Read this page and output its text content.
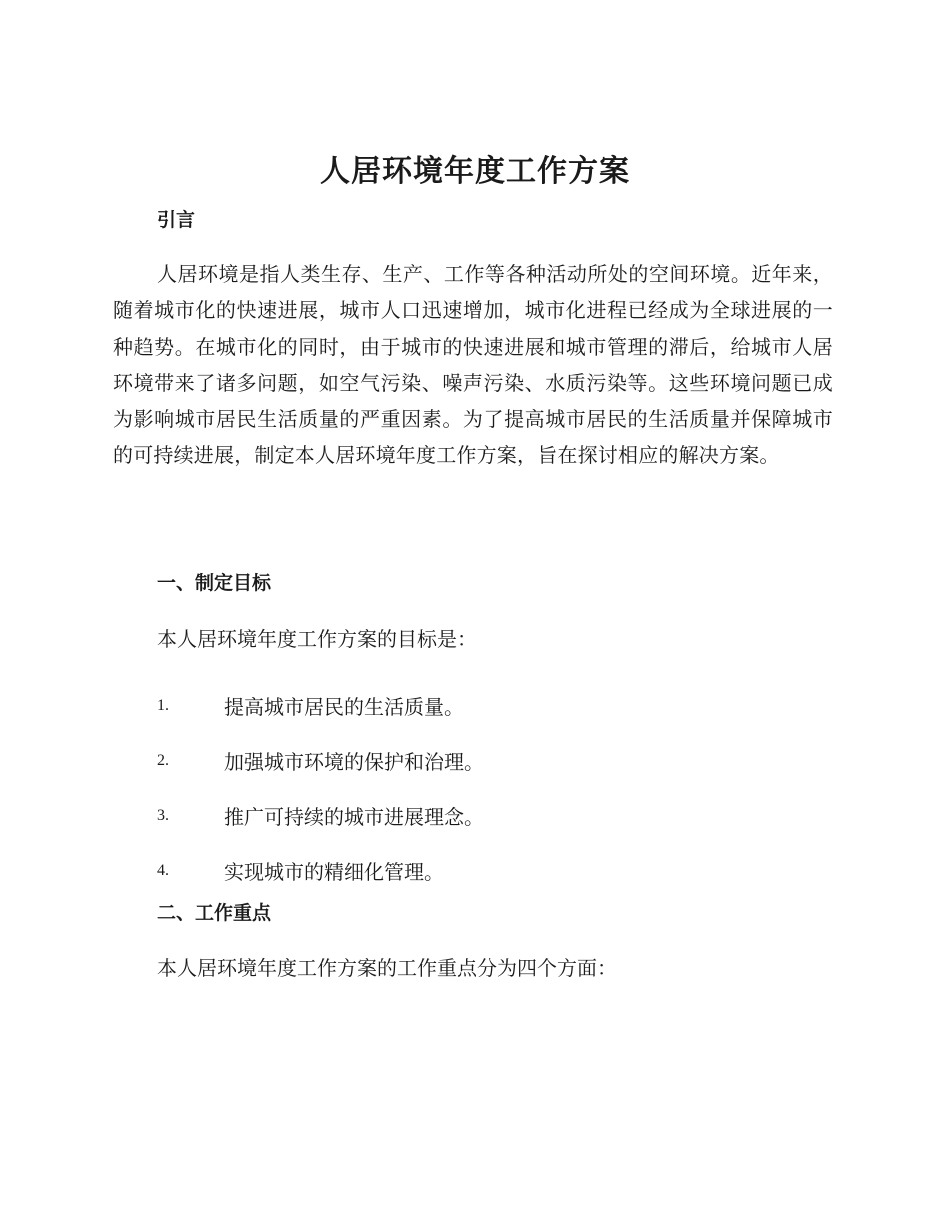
人居环境年度工作方案
引言

人居环境是指人类生存、生产、工作等各种活动所处的空间环境。近年来，随着城市化的快速进展，城市人口迅速增加，城市化进程已经成为全球进展的一种趋势。在城市化的同时，由于城市的快速进展和城市管理的滞后，给城市人居环境带来了诸多问题，如空气污染、噪声污染、水质污染等。这些环境问题已成为影响城市居民生活质量的严重因素。为了提高城市居民的生活质量并保障城市的可持续进展，制定本人居环境年度工作方案，旨在探讨相应的解决方案。

一、制定目标
本人居环境年度工作方案的目标是：
1.	提高城市居民的生活质量。
2.	加强城市环境的保护和治理。
3.	推广可持续的城市进展理念。
4.	实现城市的精细化管理。
二、工作重点
本人居环境年度工作方案的工作重点分为四个方面：
